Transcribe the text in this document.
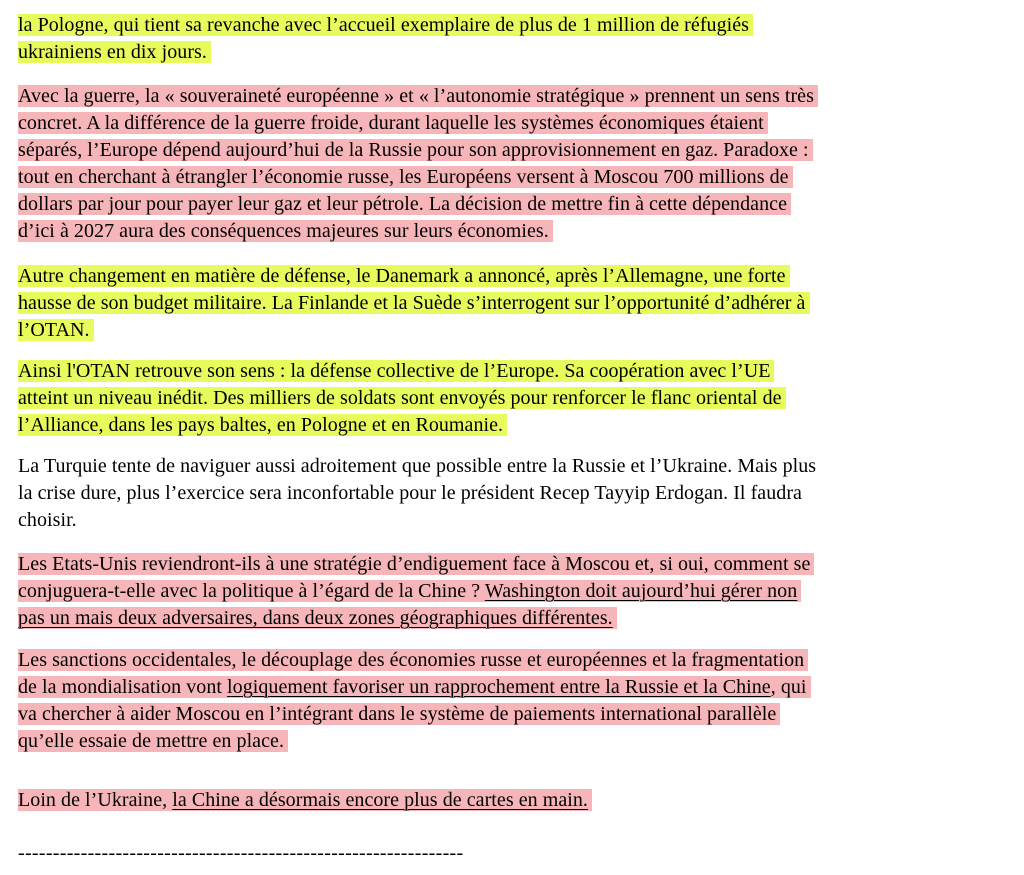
la Pologne, qui tient sa revanche avec l’accueil exemplaire de plus de 1 million de réfugiés
ukrainiens en dix jours.
Avec la guerre, la « souveraineté européenne » et « l’autonomie stratégique » prennent un sens très
concret. A la différence de la guerre froide, durant laquelle les systèmes économiques étaient
séparés, l’Europe dépend aujourd’hui de la Russie pour son approvisionnement en gaz. Paradoxe :
tout en cherchant à étrangler l’économie russe, les Européens versent à Moscou 700 millions de
dollars par jour pour payer leur gaz et leur pétrole. La décision de mettre fin à cette dépendance
d’ici à 2027 aura des conséquences majeures sur leurs économies.
Autre changement en matière de défense, le Danemark a annoncé, après l’Allemagne, une forte
hausse de son budget militaire. La Finlande et la Suède s’interrogent sur l’opportunité d’adhérer à
l’OTAN.
Ainsi l'OTAN retrouve son sens : la défense collective de l’Europe. Sa coopération avec l’UE
atteint un niveau inédit. Des milliers de soldats sont envoyés pour renforcer le flanc oriental de
l’Alliance, dans les pays baltes, en Pologne et en Roumanie.
La Turquie tente de naviguer aussi adroitement que possible entre la Russie et l’Ukraine. Mais plus
la crise dure, plus l’exercice sera inconfortable pour le président Recep Tayyip Erdogan. Il faudra
choisir.
Les Etats-Unis reviendront-ils à une stratégie d’endiguement face à Moscou et, si oui, comment se
conjuguera-t-elle avec la politique à l’égard de la Chine ? Washington doit aujourd’hui gérer non
pas un mais deux adversaires, dans deux zones géographiques différentes.
Les sanctions occidentales, le découplage des économies russe et européennes et la fragmentation
de la mondialisation vont logiquement favoriser un rapprochement entre la Russie et la Chine, qui
va chercher à aider Moscou en l’intégrant dans le système de paiements international parallèle
qu’elle essaie de mettre en place.
Loin de l’Ukraine, la Chine a désormais encore plus de cartes en main.
----------------------------------------------------------------
